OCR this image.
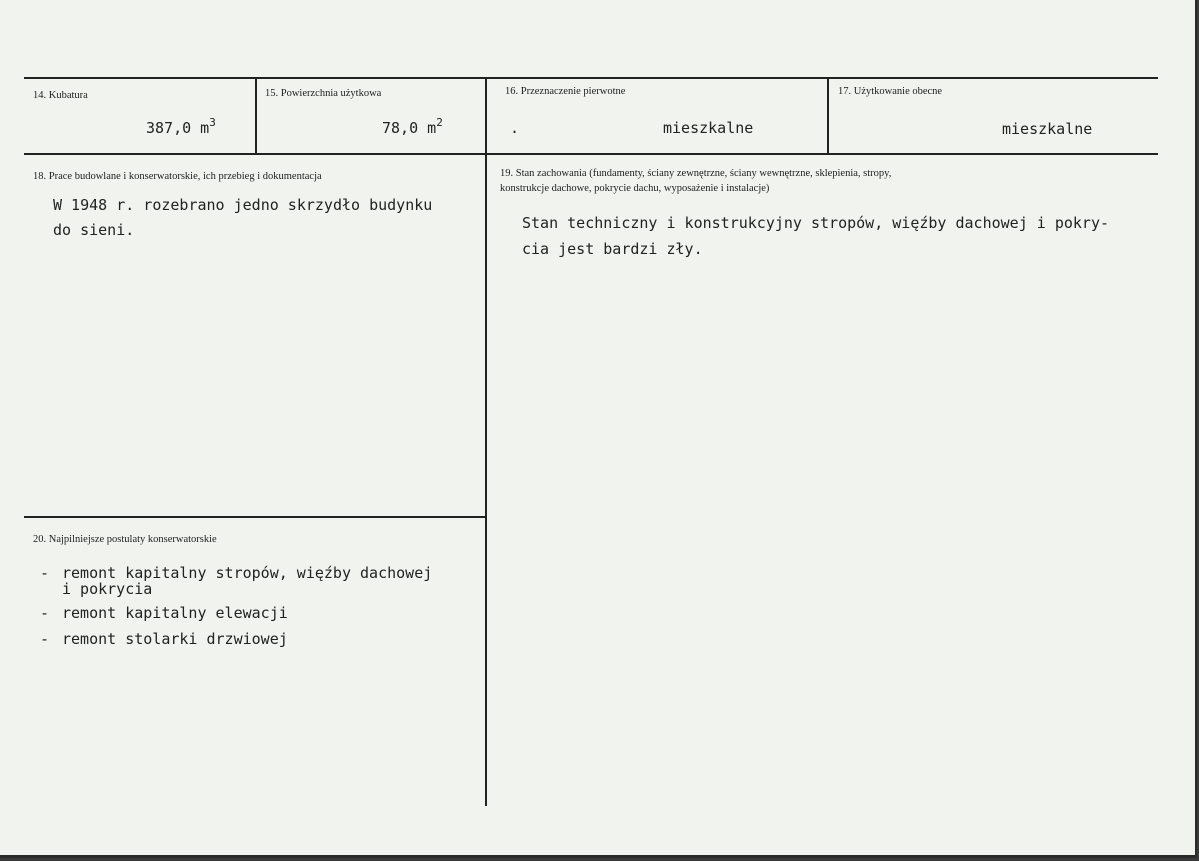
14. Kubatura
387,0 $m^3$
15. Powierzchnia użytkowa
78,0 $m^2$
16. Przeznaczenie pierwotne
.	mieszkalne
17. Użytkowanie obecne
mieszkalne
18. Prace budowlane i konserwatorskie, ich przebieg i dokumentacja
W 1948 r. rozebrano jedno skrzydło budynku
do sieni.
19. Stan zachowania (fundamenty, ściany zewnętrzne, ściany wewnętrzne, sklepienia, stropy,
konstrukcje dachowe, pokrycie dachu, wyposażenie i instalacje)
Stan techniczny i konstrukcyjny stropów, więźby dachowej i pokry-
cia jest bardzi zły.
20. Najpilniejsze postulaty konserwatorskie
- remont kapitalny stropów, więźby dachowej
i pokrycia
- remont kapitalny elewacji
- remont stolarki drzwiowej
